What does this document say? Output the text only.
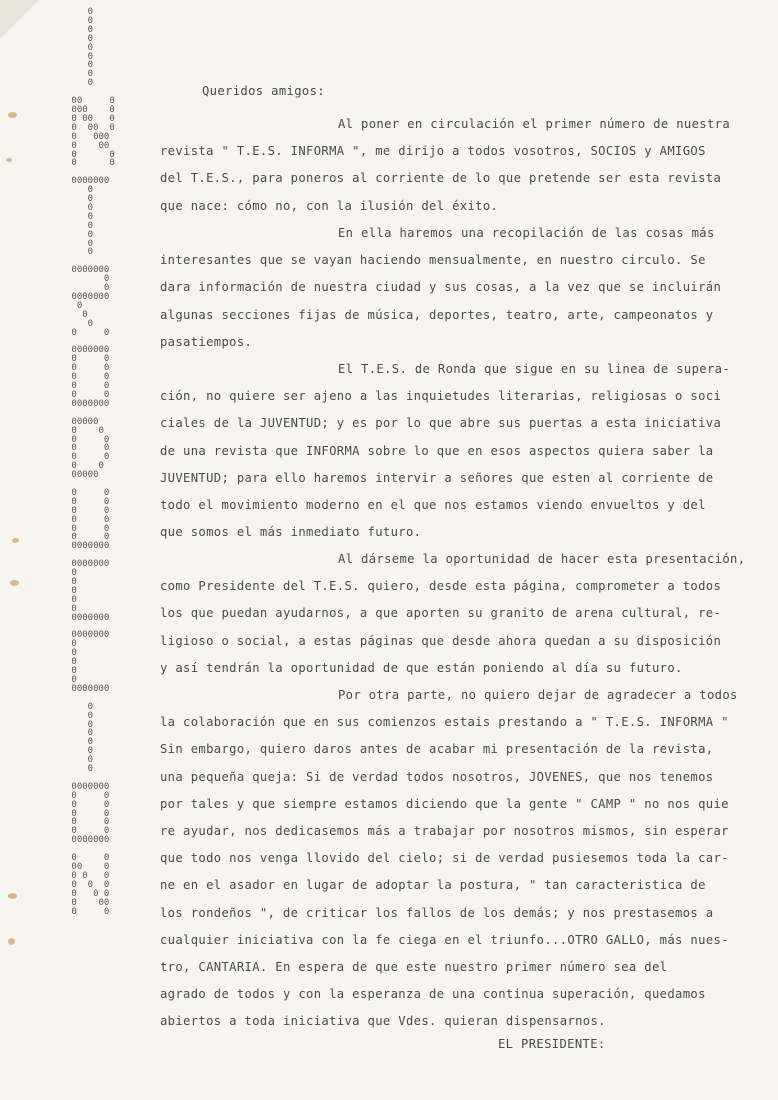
0
0
0
0
0
0
0
0
0

00     0
000    0
0 00   0
0  00  0
0   000
0    00
0      0
0      0

0000000
0
0
0
0
0
0
0
0

0000000
0
0
0000000
0
0
0
0     0

0000000
0     0
0     0
0     0
0     0
0     0
0000000

00000
0    0
0     0
0     0
0     0
0    0
00000

0     0
0     0
0     0
0     0
0     0
0     0
0000000

0000000
0
0
0
0
0
0000000

0000000
0
0
0
0
0
0000000

0
0
0
0
0
0
0
0

0000000
0     0
0     0
0     0
0     0
0     0
0000000

0     0
00    0
0 0   0
0  0  0
0   0 0
0    00
0     0
Queridos amigos:
Al poner en circulación el primer número de nuestra
revista " T.E.S. INFORMA ", me dirijo a todos vosotros, SOCIOS y AMIGOS
del T.E.S., para poneros al corriente de lo que pretende ser esta revista
que nace: cómo no, con la ilusión del éxito.
En ella haremos una recopilación de las cosas más
interesantes que se vayan haciendo mensualmente, en nuestro circulo. Se
dara información de nuestra ciudad y sus cosas, a la vez que se incluirán
algunas secciones fijas de música, deportes, teatro, arte, campeonatos y
pasatiempos.
El T.E.S. de Ronda que sigue en su linea de supera-
ción, no quiere ser ajeno a las inquietudes literarias, religiosas o soci
ciales de la JUVENTUD; y es por lo que abre sus puertas a esta iniciativa
de una revista que INFORMA sobre lo que en esos aspectos quiera saber la
JUVENTUD; para ello haremos intervir a señores que esten al corriente de
todo el movimiento moderno en el que nos estamos viendo envueltos y del
que somos el más inmediato futuro.
Al dárseme la oportunidad de hacer esta presentación,
como Presidente del T.E.S. quiero, desde esta página, comprometer a todos
los que puedan ayudarnos, a que aporten su granito de arena cultural, re-
ligioso o social, a estas páginas que desde ahora quedan a su disposición
y así tendrán la oportunidad de que están poniendo al día su futuro.
Por otra parte, no quiero dejar de agradecer a todos
la colaboración que en sus comienzos estais prestando a " T.E.S. INFORMA "
Sin embargo, quiero daros antes de acabar mi presentación de la revista,
una pequeña queja: Si de verdad todos nosotros, JOVENES, que nos tenemos
por tales y que siempre estamos diciendo que la gente " CAMP " no nos quie
re ayudar, nos dedicasemos más a trabajar por nosotros mismos, sin esperar
que todo nos venga llovido del cielo; si de verdad pusiesemos toda la car-
ne en el asador en lugar de adoptar la postura, " tan caracteristica de
los rondeños ", de criticar los fallos de los demás; y nos prestasemos a
cualquier iniciativa con la fe ciega en el triunfo...OTRO GALLO, más nues-
tro, CANTARIA. En espera de que este nuestro primer número sea del
agrado de todos y con la esperanza de una continua superación, quedamos
abiertos a toda iniciativa que Vdes. quieran dispensarnos.
EL PRESIDENTE:
